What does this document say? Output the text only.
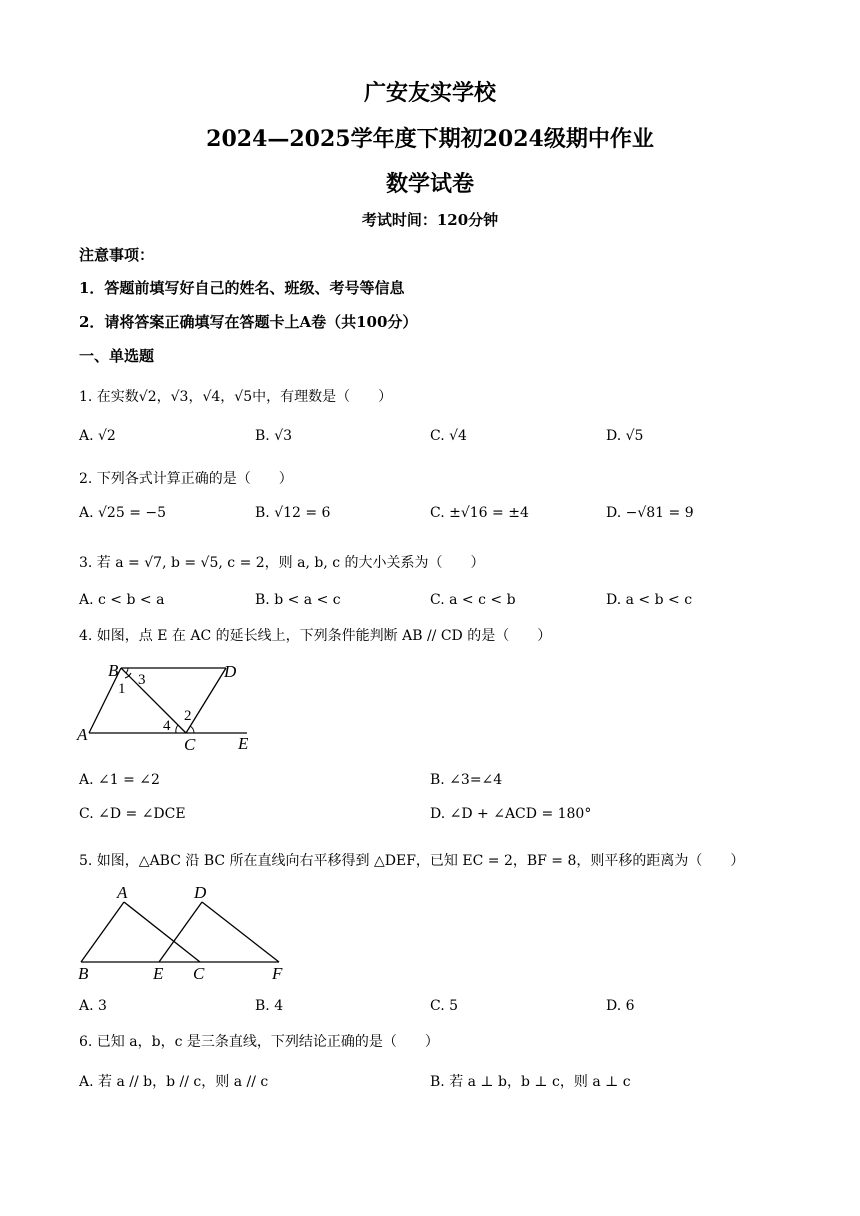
广安友实学校
2024—2025学年度下期初2024级期中作业
数学试卷
考试时间：120分钟
注意事项：
1．答题前填写好自己的姓名、班级、考号等信息
2．请将答案正确填写在答题卡上A卷（共100分）
一、单选题
1. 在实数√2，√3，√4，√5中，有理数是（　　）
A. √2	B. √3	C. √4	D. √5
2. 下列各式计算正确的是（　　）
A. √25 = −5	B. √12 = 6	C. ±√16 = ±4	D. −√81 = 9
3. 若 a = √7, b = √5, c = 2，则 a, b, c 的大小关系为（　　）
A. c < b < a	B. b < a < c	C. a < c < b	D. a < b < c
4. 如图，点 E 在 AC 的延长线上，下列条件能判断 AB // CD 的是（　　）
B	D
1
3
2
4
A
C	E
A. ∠1 = ∠2	B. ∠3=∠4
C. ∠D = ∠DCE	D. ∠D + ∠ACD = 180°
5. 如图，△ABC 沿 BC 所在直线向右平移得到 △DEF，已知 EC = 2，BF = 8，则平移的距离为（　　）
A	D
B	E C	F
A. 3	B. 4	C. 5	D. 6
6. 已知 a，b，c 是三条直线，下列结论正确的是（　　）
A. 若 a // b，b // c，则 a // c	B. 若 a ⊥ b，b ⊥ c，则 a ⊥ c
